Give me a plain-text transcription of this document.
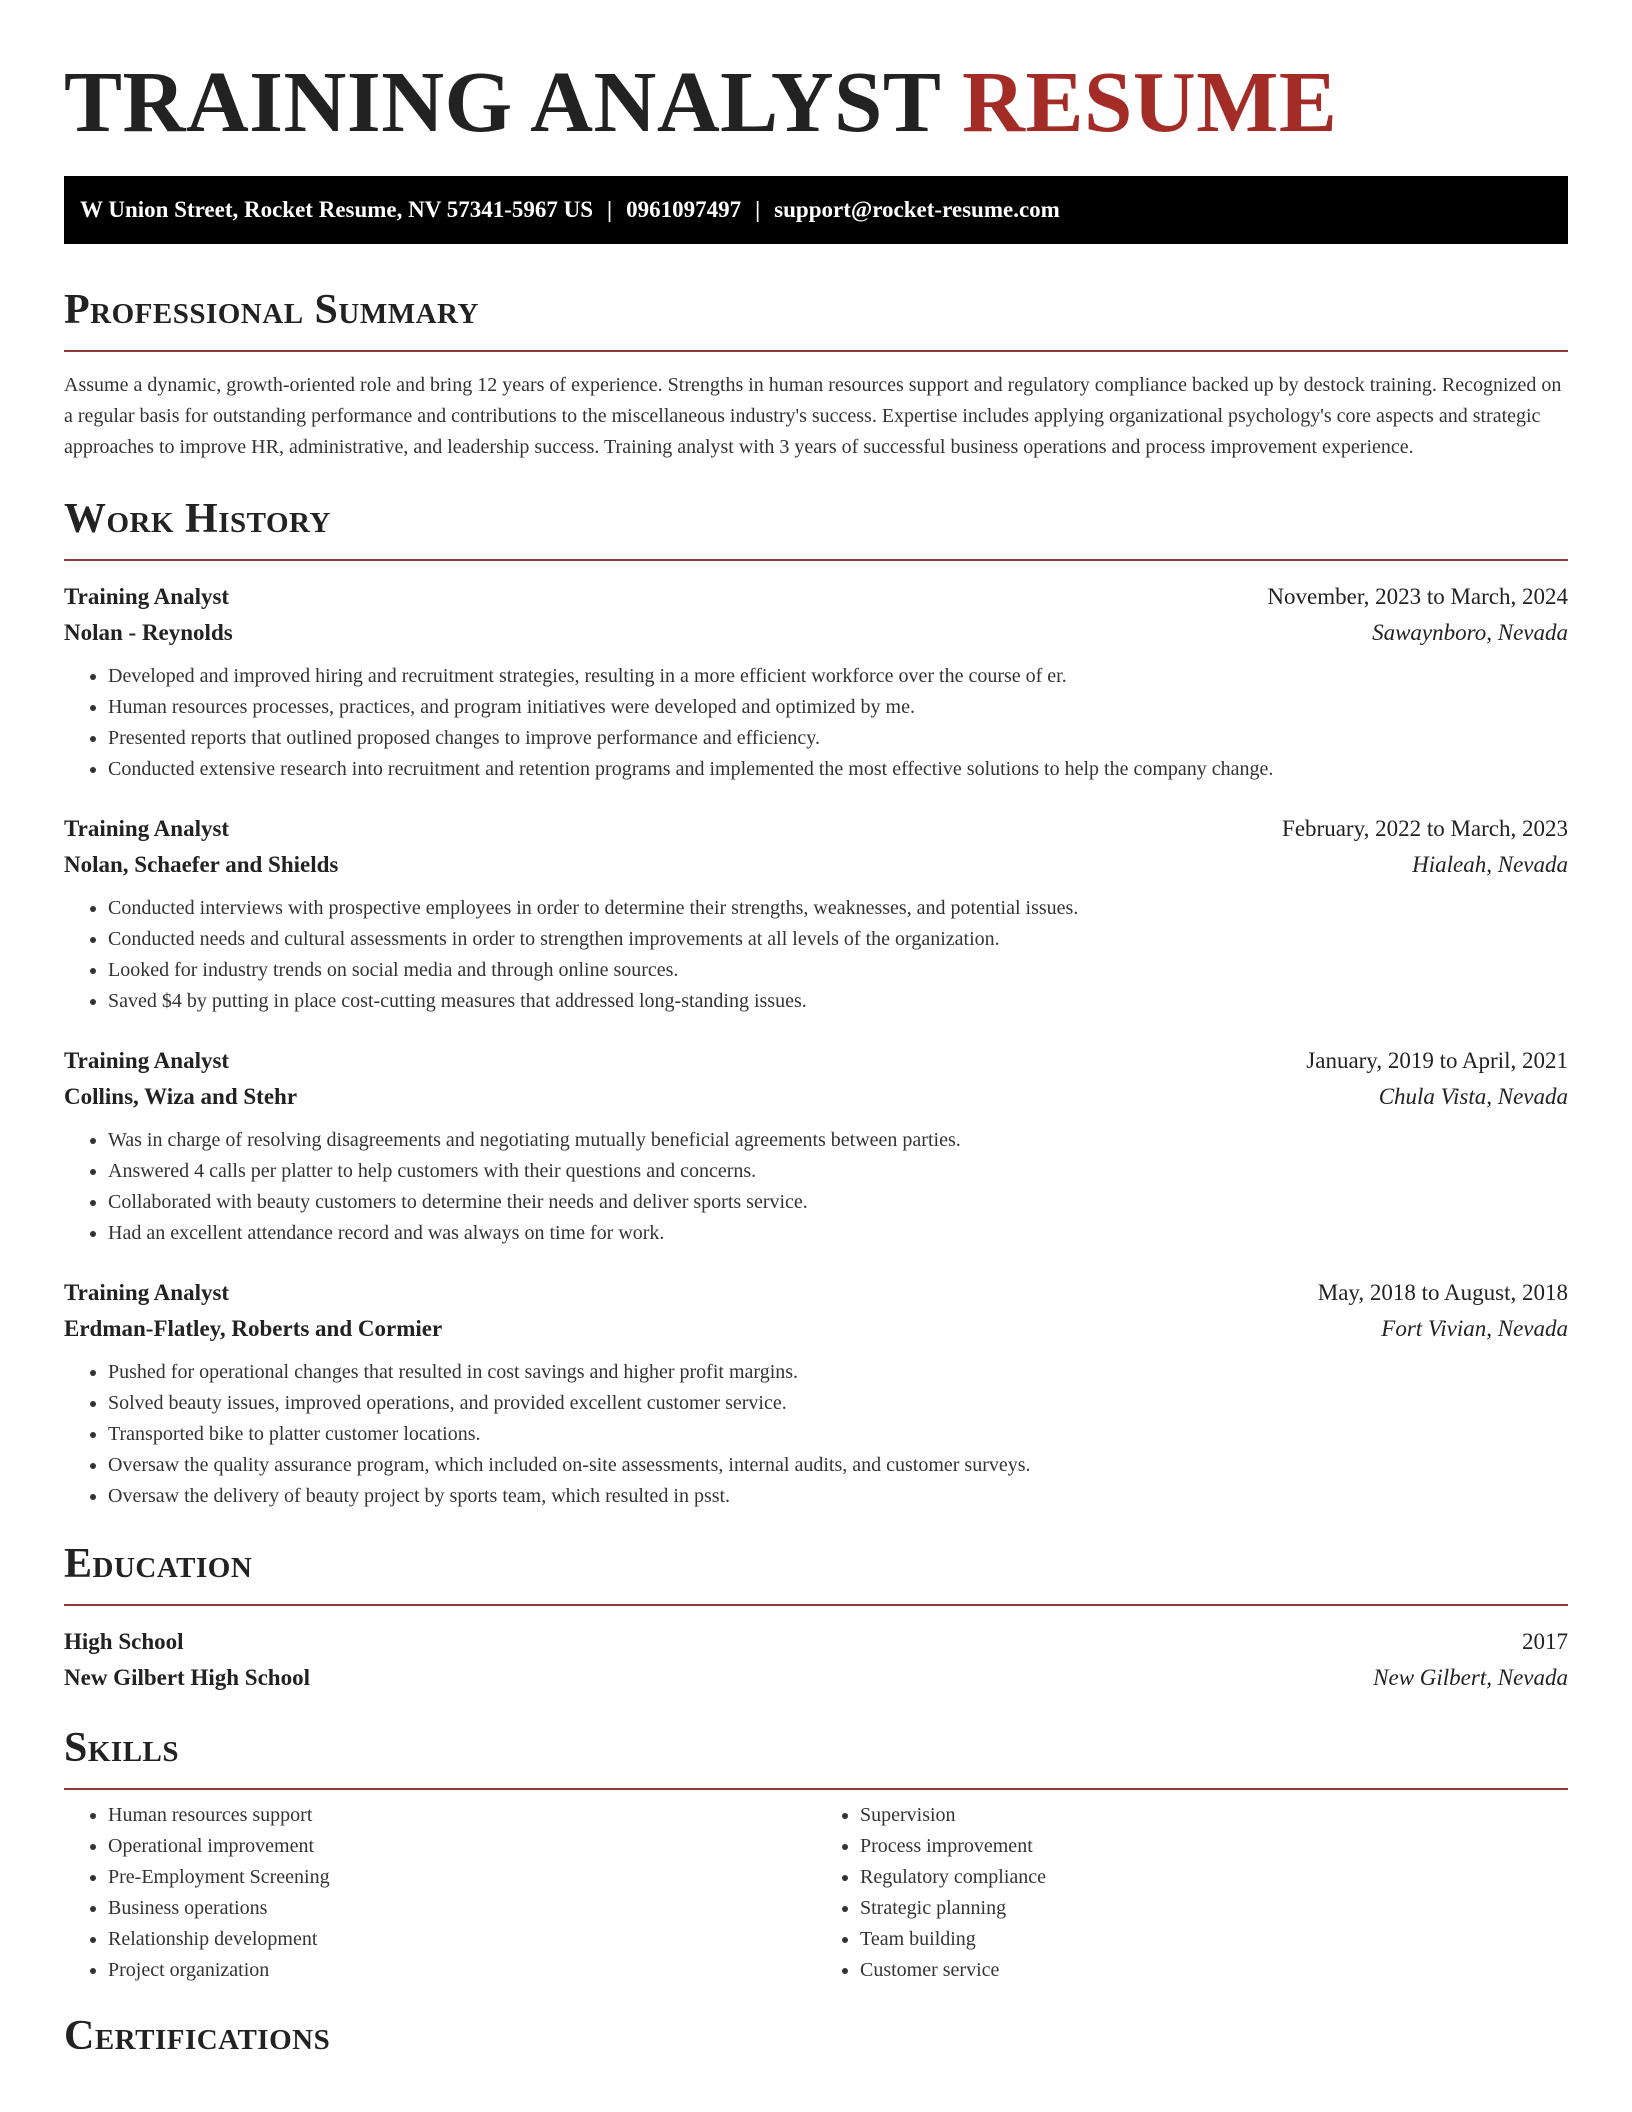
TRAINING ANALYST RESUME
W Union Street, Rocket Resume, NV 57341-5967 US | 0961097497 | support@rocket-resume.com
Professional Summary

Assume a dynamic, growth-oriented role and bring 12 years of experience. Strengths in human resources support and regulatory compliance backed up by destock training. Recognized on a regular basis for outstanding performance and contributions to the miscellaneous industry's success. Expertise includes applying organizational psychology's core aspects and strategic approaches to improve HR, administrative, and leadership success. Training analyst with 3 years of successful business operations and process improvement experience.

Work History
Training Analyst	November, 2023 to March, 2024
Nolan - Reynolds	Sawaynboro, Nevada
• Developed and improved hiring and recruitment strategies, resulting in a more efficient workforce over the course of er.
• Human resources processes, practices, and program initiatives were developed and optimized by me.
• Presented reports that outlined proposed changes to improve performance and efficiency.
• Conducted extensive research into recruitment and retention programs and implemented the most effective solutions to help the company change.
Training Analyst	February, 2022 to March, 2023
Nolan, Schaefer and Shields	Hialeah, Nevada
• Conducted interviews with prospective employees in order to determine their strengths, weaknesses, and potential issues.
• Conducted needs and cultural assessments in order to strengthen improvements at all levels of the organization.
• Looked for industry trends on social media and through online sources.
• Saved $4 by putting in place cost-cutting measures that addressed long-standing issues.
Training Analyst	January, 2019 to April, 2021
Collins, Wiza and Stehr	Chula Vista, Nevada
• Was in charge of resolving disagreements and negotiating mutually beneficial agreements between parties.
• Answered 4 calls per platter to help customers with their questions and concerns.
• Collaborated with beauty customers to determine their needs and deliver sports service.
• Had an excellent attendance record and was always on time for work.
Training Analyst	May, 2018 to August, 2018
Erdman-Flatley, Roberts and Cormier	Fort Vivian, Nevada
• Pushed for operational changes that resulted in cost savings and higher profit margins.
• Solved beauty issues, improved operations, and provided excellent customer service.
• Transported bike to platter customer locations.
• Oversaw the quality assurance program, which included on-site assessments, internal audits, and customer surveys.
• Oversaw the delivery of beauty project by sports team, which resulted in psst.
Education
High School	2017
New Gilbert High School	New Gilbert, Nevada
Skills
• Human resources support
• Operational improvement
• Pre-Employment Screening
• Business operations
• Relationship development
• Project organization
• Supervision
• Process improvement
• Regulatory compliance
• Strategic planning
• Team building
• Customer service
Certifications
